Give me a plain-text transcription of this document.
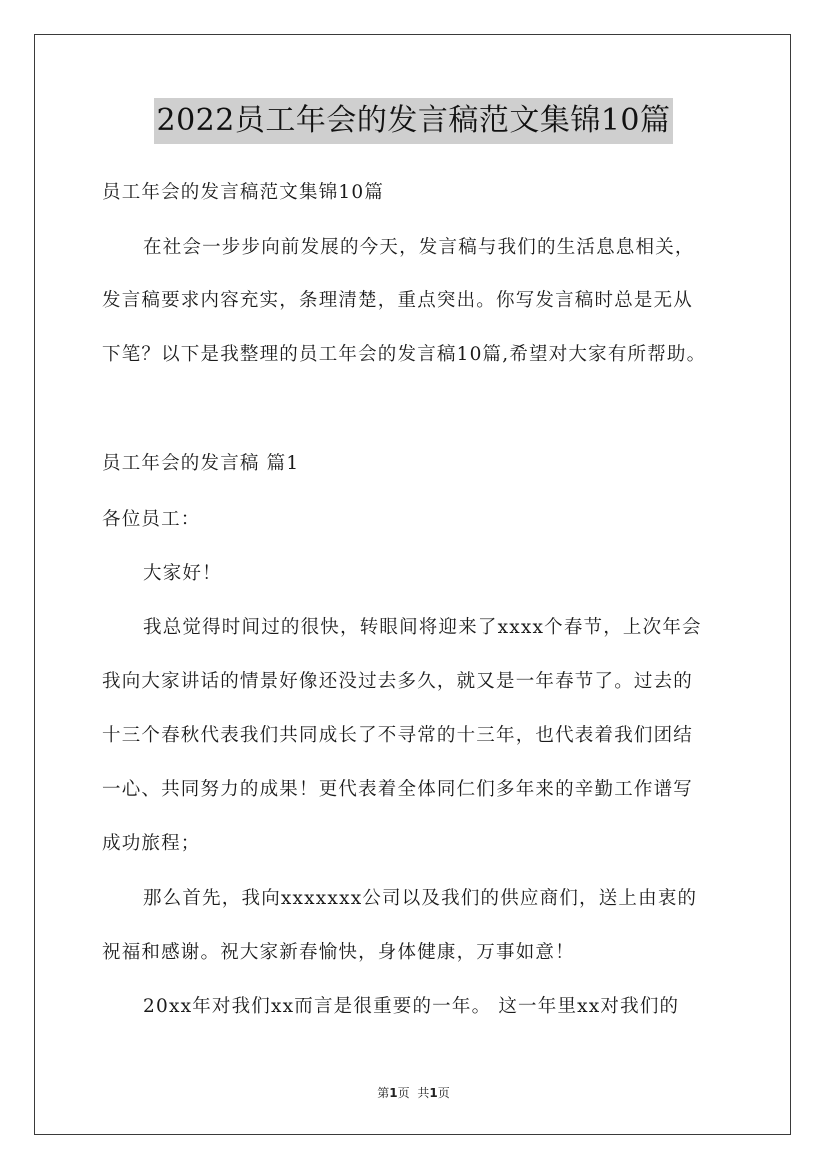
2022员工年会的发言稿范文集锦10篇
员工年会的发言稿范文集锦10篇
在社会一步步向前发展的今天，发言稿与我们的生活息息相关，
发言稿要求内容充实，条理清楚，重点突出。你写发言稿时总是无从
下笔？以下是我整理的员工年会的发言稿10篇,希望对大家有所帮助。
员工年会的发言稿 篇1
各位员工：
大家好！
我总觉得时间过的很快，转眼间将迎来了xxxx个春节，上次年会
我向大家讲话的情景好像还没过去多久，就又是一年春节了。过去的
十三个春秋代表我们共同成长了不寻常的十三年，也代表着我们团结
一心、共同努力的成果！更代表着全体同仁们多年来的辛勤工作谱写
成功旅程；
那么首先，我向xxxxxxx公司以及我们的供应商们，送上由衷的
祝福和感谢。祝大家新春愉快，身体健康，万事如意！
20xx年对我们xx而言是很重要的一年。 这一年里xx对我们的
第1页 共1页
